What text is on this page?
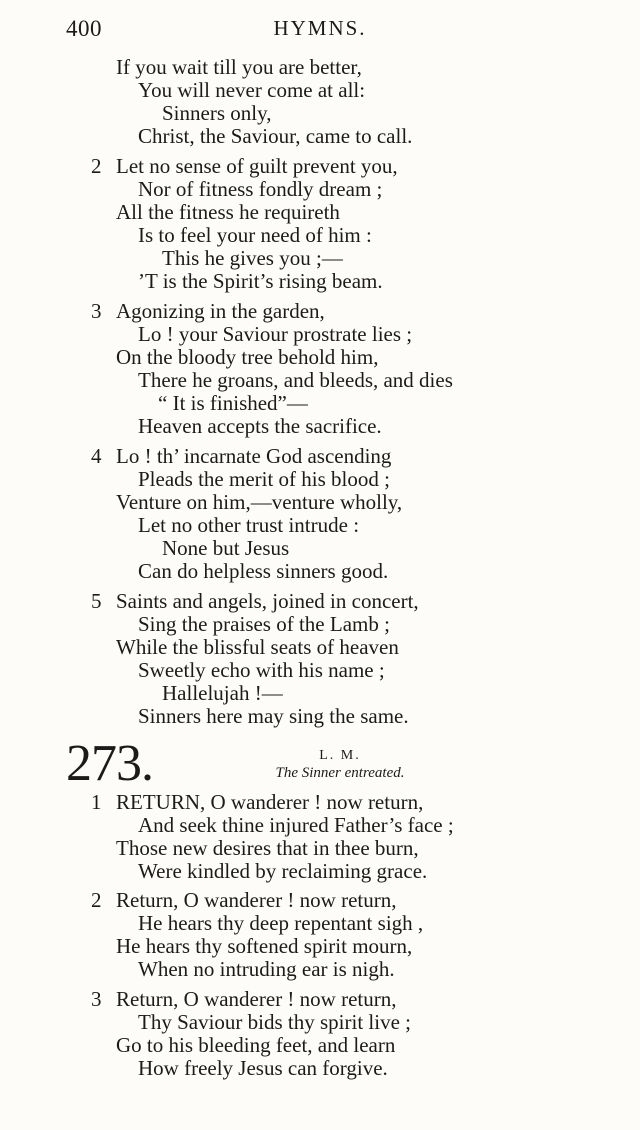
400	HYMNS.
If you wait till you are better,
You will never come at all:
Sinners only,
Christ, the Saviour, came to call.
2 Let no sense of guilt prevent you,
Nor of fitness fondly dream ;
All the fitness he requireth
Is to feel your need of him :
This he gives you ;—
’T is the Spirit’s rising beam.
3 Agonizing in the garden,
Lo ! your Saviour prostrate lies ;
On the bloody tree behold him,
There he groans, and bleeds, and dies
“ It is finished”—
Heaven accepts the sacrifice.
4 Lo ! th’ incarnate God ascending
Pleads the merit of his blood ;
Venture on him,—venture wholly,
Let no other trust intrude :
None but Jesus
Can do helpless sinners good.
5 Saints and angels, joined in concert,
Sing the praises of the Lamb ;
While the blissful seats of heaven
Sweetly echo with his name ;
Hallelujah !—
Sinners here may sing the same.
273.	L. M.
The Sinner entreated.
1 RETURN, O wanderer ! now return,
And seek thine injured Father’s face ;
Those new desires that in thee burn,
Were kindled by reclaiming grace.
2 Return, O wanderer ! now return,
He hears thy deep repentant sigh ,
He hears thy softened spirit mourn,
When no intruding ear is nigh.
3 Return, O wanderer ! now return,
Thy Saviour bids thy spirit live ;
Go to his bleeding feet, and learn
How freely Jesus can forgive.
